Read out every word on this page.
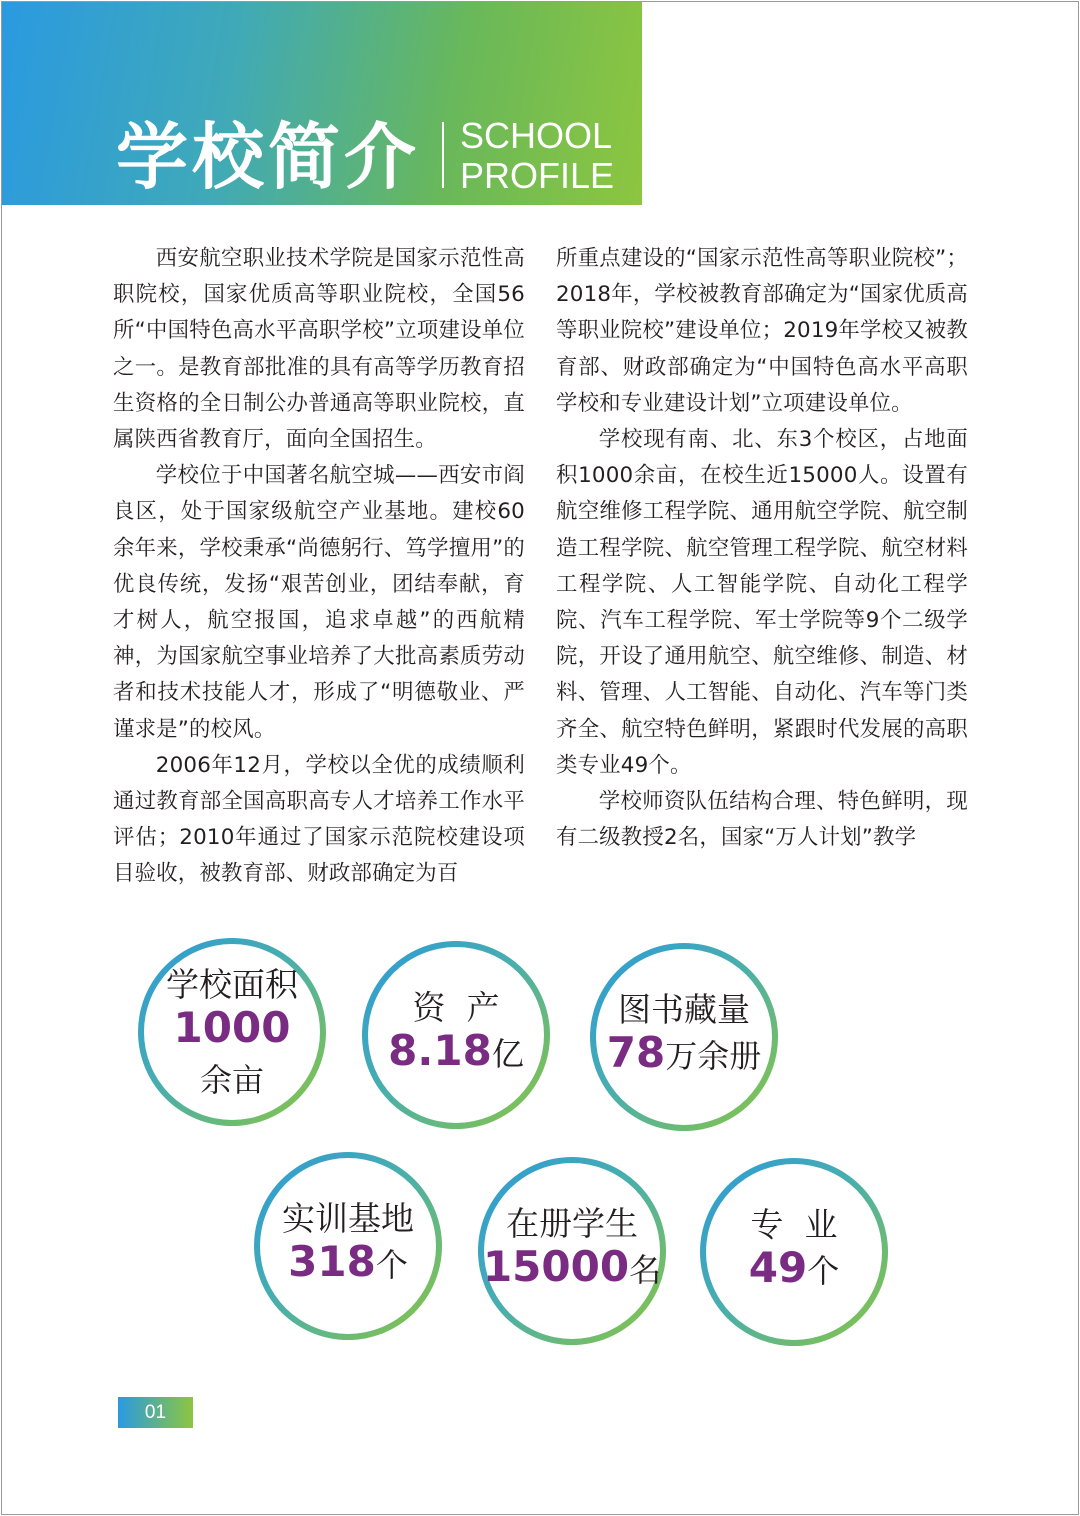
学校简介 SCHOOL
PROFILE

西安航空职业技术学院是国家示范性高职院校，国家优质高等职业院校，全国56所“中国特色高水平高职学校”立项建设单位之一。是教育部批准的具有高等学历教育招生资格的全日制公办普通高等职业院校，直属陕西省教育厅，面向全国招生。

学校位于中国著名航空城——西安市阎良区，处于国家级航空产业基地。建校60余年来，学校秉承“尚德躬行、笃学擅用”的优良传统，发扬“艰苦创业，团结奉献，育才树人，航空报国，追求卓越”的西航精神，为国家航空事业培养了大批高素质劳动者和技术技能人才，形成了“明德敬业、严谨求是”的校风。

2006年12月，学校以全优的成绩顺利通过教育部全国高职高专人才培养工作水平评估；2010年通过了国家示范院校建设项目验收，被教育部、财政部确定为百

所重点建设的“国家示范性高等职业院校”；2018年，学校被教育部确定为“国家优质高等职业院校”建设单位；2019年学校又被教育部、财政部确定为“中国特色高水平高职学校和专业建设计划”立项建设单位。

学校现有南、北、东3个校区，占地面积1000余亩，在校生近15000人。设置有航空维修工程学院、通用航空学院、航空制造工程学院、航空管理工程学院、航空材料工程学院、人工智能学院、自动化工程学院、汽车工程学院、军士学院等9个二级学院，开设了通用航空、航空维修、制造、材料、管理、人工智能、自动化、汽车等门类齐全、航空特色鲜明，紧跟时代发展的高职类专业49个。

学校师资队伍结构合理、特色鲜明，现有二级教授2名，国家“万人计划”教学

学校面积
1000
余亩
资  产
8.18亿
图书藏量
78万余册
实训基地
318个
在册学生
15000名
专  业
49个
01
